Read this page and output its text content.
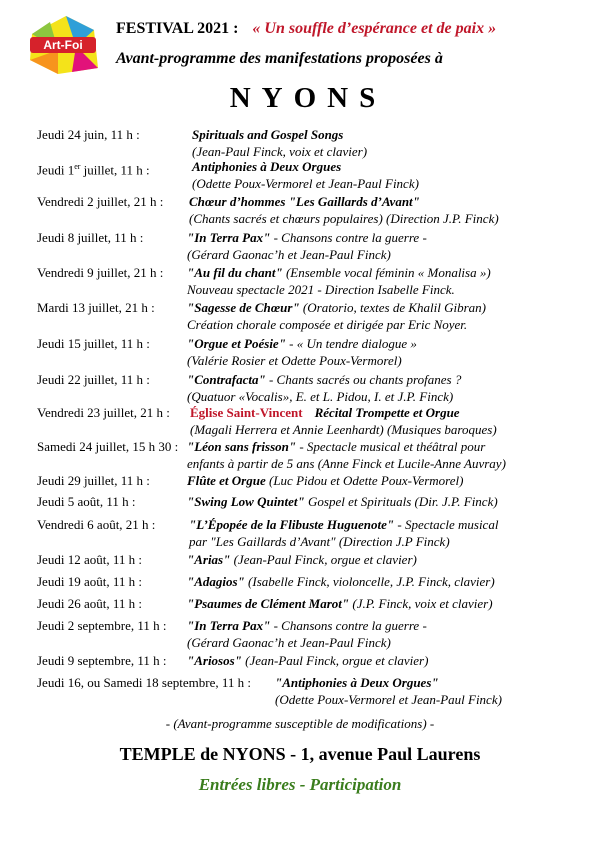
Art-Foi
FESTIVAL 2021 : « Un souffle d’espérance et de paix »
Avant-programme des manifestations proposées à
NYONS
Jeudi 24 juin, 11 h :	Spirituals and Gospel Songs
(Jean-Paul Finck, voix et clavier)
Jeudi 1er juillet, 11 h :	Antiphonies à Deux Orgues
(Odette Poux-Vermorel et Jean-Paul Finck)
Vendredi 2 juillet, 21 h : Chœur d’hommes "Les Gaillards d’Avant"
(Chants sacrés et chœurs populaires) (Direction J.P. Finck)
Jeudi 8 juillet, 11 h :	"In Terra Pax" - Chansons contre la guerre -
(Gérard Gaonac’h et Jean-Paul Finck)
Vendredi 9 juillet, 21 h : "Au fil du chant" (Ensemble vocal féminin « Monalisa »)
Nouveau spectacle 2021 - Direction Isabelle Finck.
Mardi 13 juillet, 21 h : "Sagesse de Chœur" (Oratorio, textes de Khalil Gibran)
Création chorale composée et dirigée par Eric Noyer.
Jeudi 15 juillet, 11 h :	"Orgue et Poésie" - « Un tendre dialogue »
(Valérie Rosier et Odette Poux-Vermorel)
Jeudi 22 juillet, 11 h :	"Contrafacta" - Chants sacrés ou chants profanes ?
(Quatuor «Vocalis», E. et L. Pidou, I. et J.P. Finck)
Vendredi 23 juillet, 21 h : Église Saint-Vincent Récital Trompette et Orgue
(Magali Herrera et Annie Leenhardt) (Musiques baroques)
Samedi 24 juillet, 15 h 30 : "Léon sans frisson" - Spectacle musical et théâtral pour
enfants à partir de 5 ans (Anne Finck et Lucile-Anne Auvray)
Jeudi 29 juillet, 11 h :	Flûte et Orgue (Luc Pidou et Odette Poux-Vermorel)
Jeudi 5 août, 11 h :	"Swing Low Quintet" Gospel et Spirituals (Dir. J.P. Finck)
Vendredi 6 août, 21 h :	"L’Épopée de la Flibuste Huguenote" - Spectacle musical
par "Les Gaillards d’Avant" (Direction J.P Finck)
Jeudi 12 août, 11 h :	"Arias" (Jean-Paul Finck, orgue et clavier)
Jeudi 19 août, 11 h :	"Adagios" (Isabelle Finck, violoncelle, J.P. Finck, clavier)
Jeudi 26 août, 11 h :	"Psaumes de Clément Marot" (J.P. Finck, voix et clavier)
Jeudi 2 septembre, 11 h : "In Terra Pax" - Chansons contre la guerre -
(Gérard Gaonac’h et Jean-Paul Finck)
Jeudi 9 septembre, 11 h : "Ariosos" (Jean-Paul Finck, orgue et clavier)
Jeudi 16, ou Samedi 18 septembre, 11 h : "Antiphonies à Deux Orgues"
(Odette Poux-Vermorel et Jean-Paul Finck)
- (Avant-programme susceptible de modifications) -
TEMPLE de NYONS - 1, avenue Paul Laurens
Entrées libres - Participation
